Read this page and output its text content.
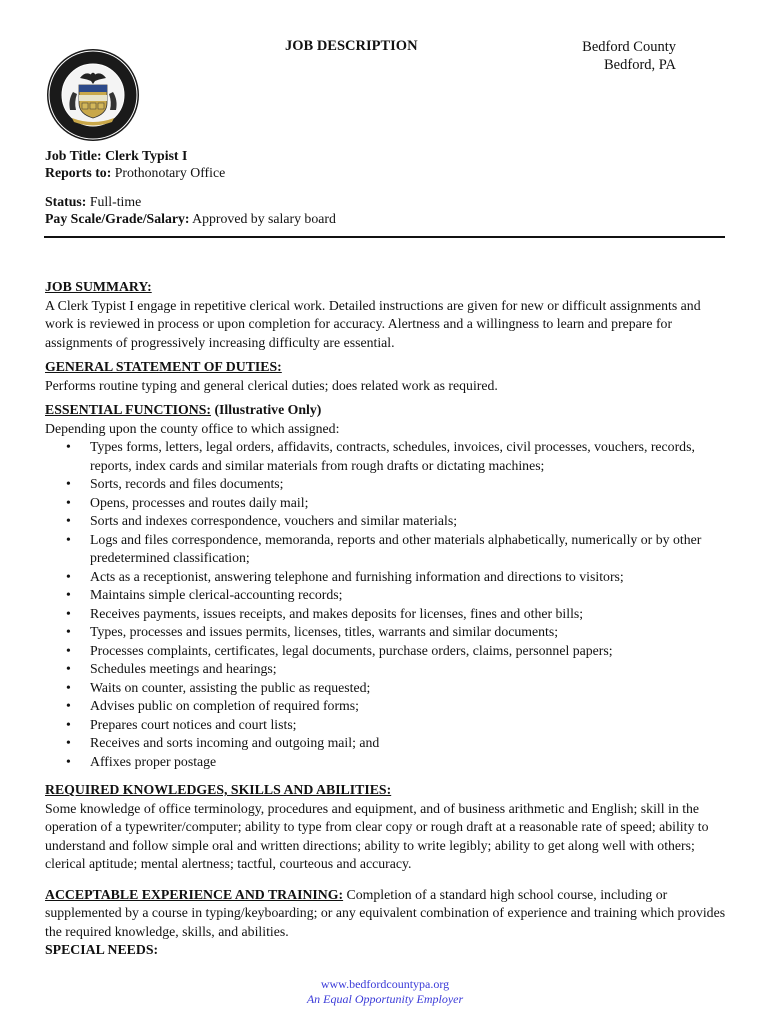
JOB DESCRIPTION	Bedford County
Bedford, PA
Job Title: Clerk Typist I
Reports to: Prothonotary Office
Status: Full-time
Pay Scale/Grade/Salary: Approved by salary board
JOB SUMMARY:
A Clerk Typist I engage in repetitive clerical work. Detailed instructions are given for new or difficult assignments and work is reviewed in process or upon completion for accuracy. Alertness and a willingness to learn and prepare for assignments of progressively increasing difficulty are essential.
GENERAL STATEMENT OF DUTIES:
Performs routine typing and general clerical duties; does related work as required.
ESSENTIAL FUNCTIONS: (Illustrative Only)
Depending upon the county office to which assigned:
• Types forms, letters, legal orders, affidavits, contracts, schedules, invoices, civil processes, vouchers, records, reports, index cards and similar materials from rough drafts or dictating machines;
• Sorts, records and files documents;
• Opens, processes and routes daily mail;
• Sorts and indexes correspondence, vouchers and similar materials;
• Logs and files correspondence, memoranda, reports and other materials alphabetically, numerically or by other predetermined classification;
• Acts as a receptionist, answering telephone and furnishing information and directions to visitors;
• Maintains simple clerical-accounting records;
• Receives payments, issues receipts, and makes deposits for licenses, fines and other bills;
• Types, processes and issues permits, licenses, titles, warrants and similar documents;
• Processes complaints, certificates, legal documents, purchase orders, claims, personnel papers;
• Schedules meetings and hearings;
• Waits on counter, assisting the public as requested;
• Advises public on completion of required forms;
• Prepares court notices and court lists;
• Receives and sorts incoming and outgoing mail; and
• Affixes proper postage
REQUIRED KNOWLEDGES, SKILLS AND ABILITIES:
Some knowledge of office terminology, procedures and equipment, and of business arithmetic and English; skill in the operation of a typewriter/computer; ability to type from clear copy or rough draft at a reasonable rate of speed; ability to understand and follow simple oral and written directions; ability to write legibly; ability to get along well with others; clerical aptitude; mental alertness; tactful, courteous and accuracy.
ACCEPTABLE EXPERIENCE AND TRAINING: Completion of a standard high school course, including or supplemented by a course in typing/keyboarding; or any equivalent combination of experience and training which provides the required knowledge, skills, and abilities.
SPECIAL NEEDS:
www.bedfordcountypa.org
An Equal Opportunity Employer
